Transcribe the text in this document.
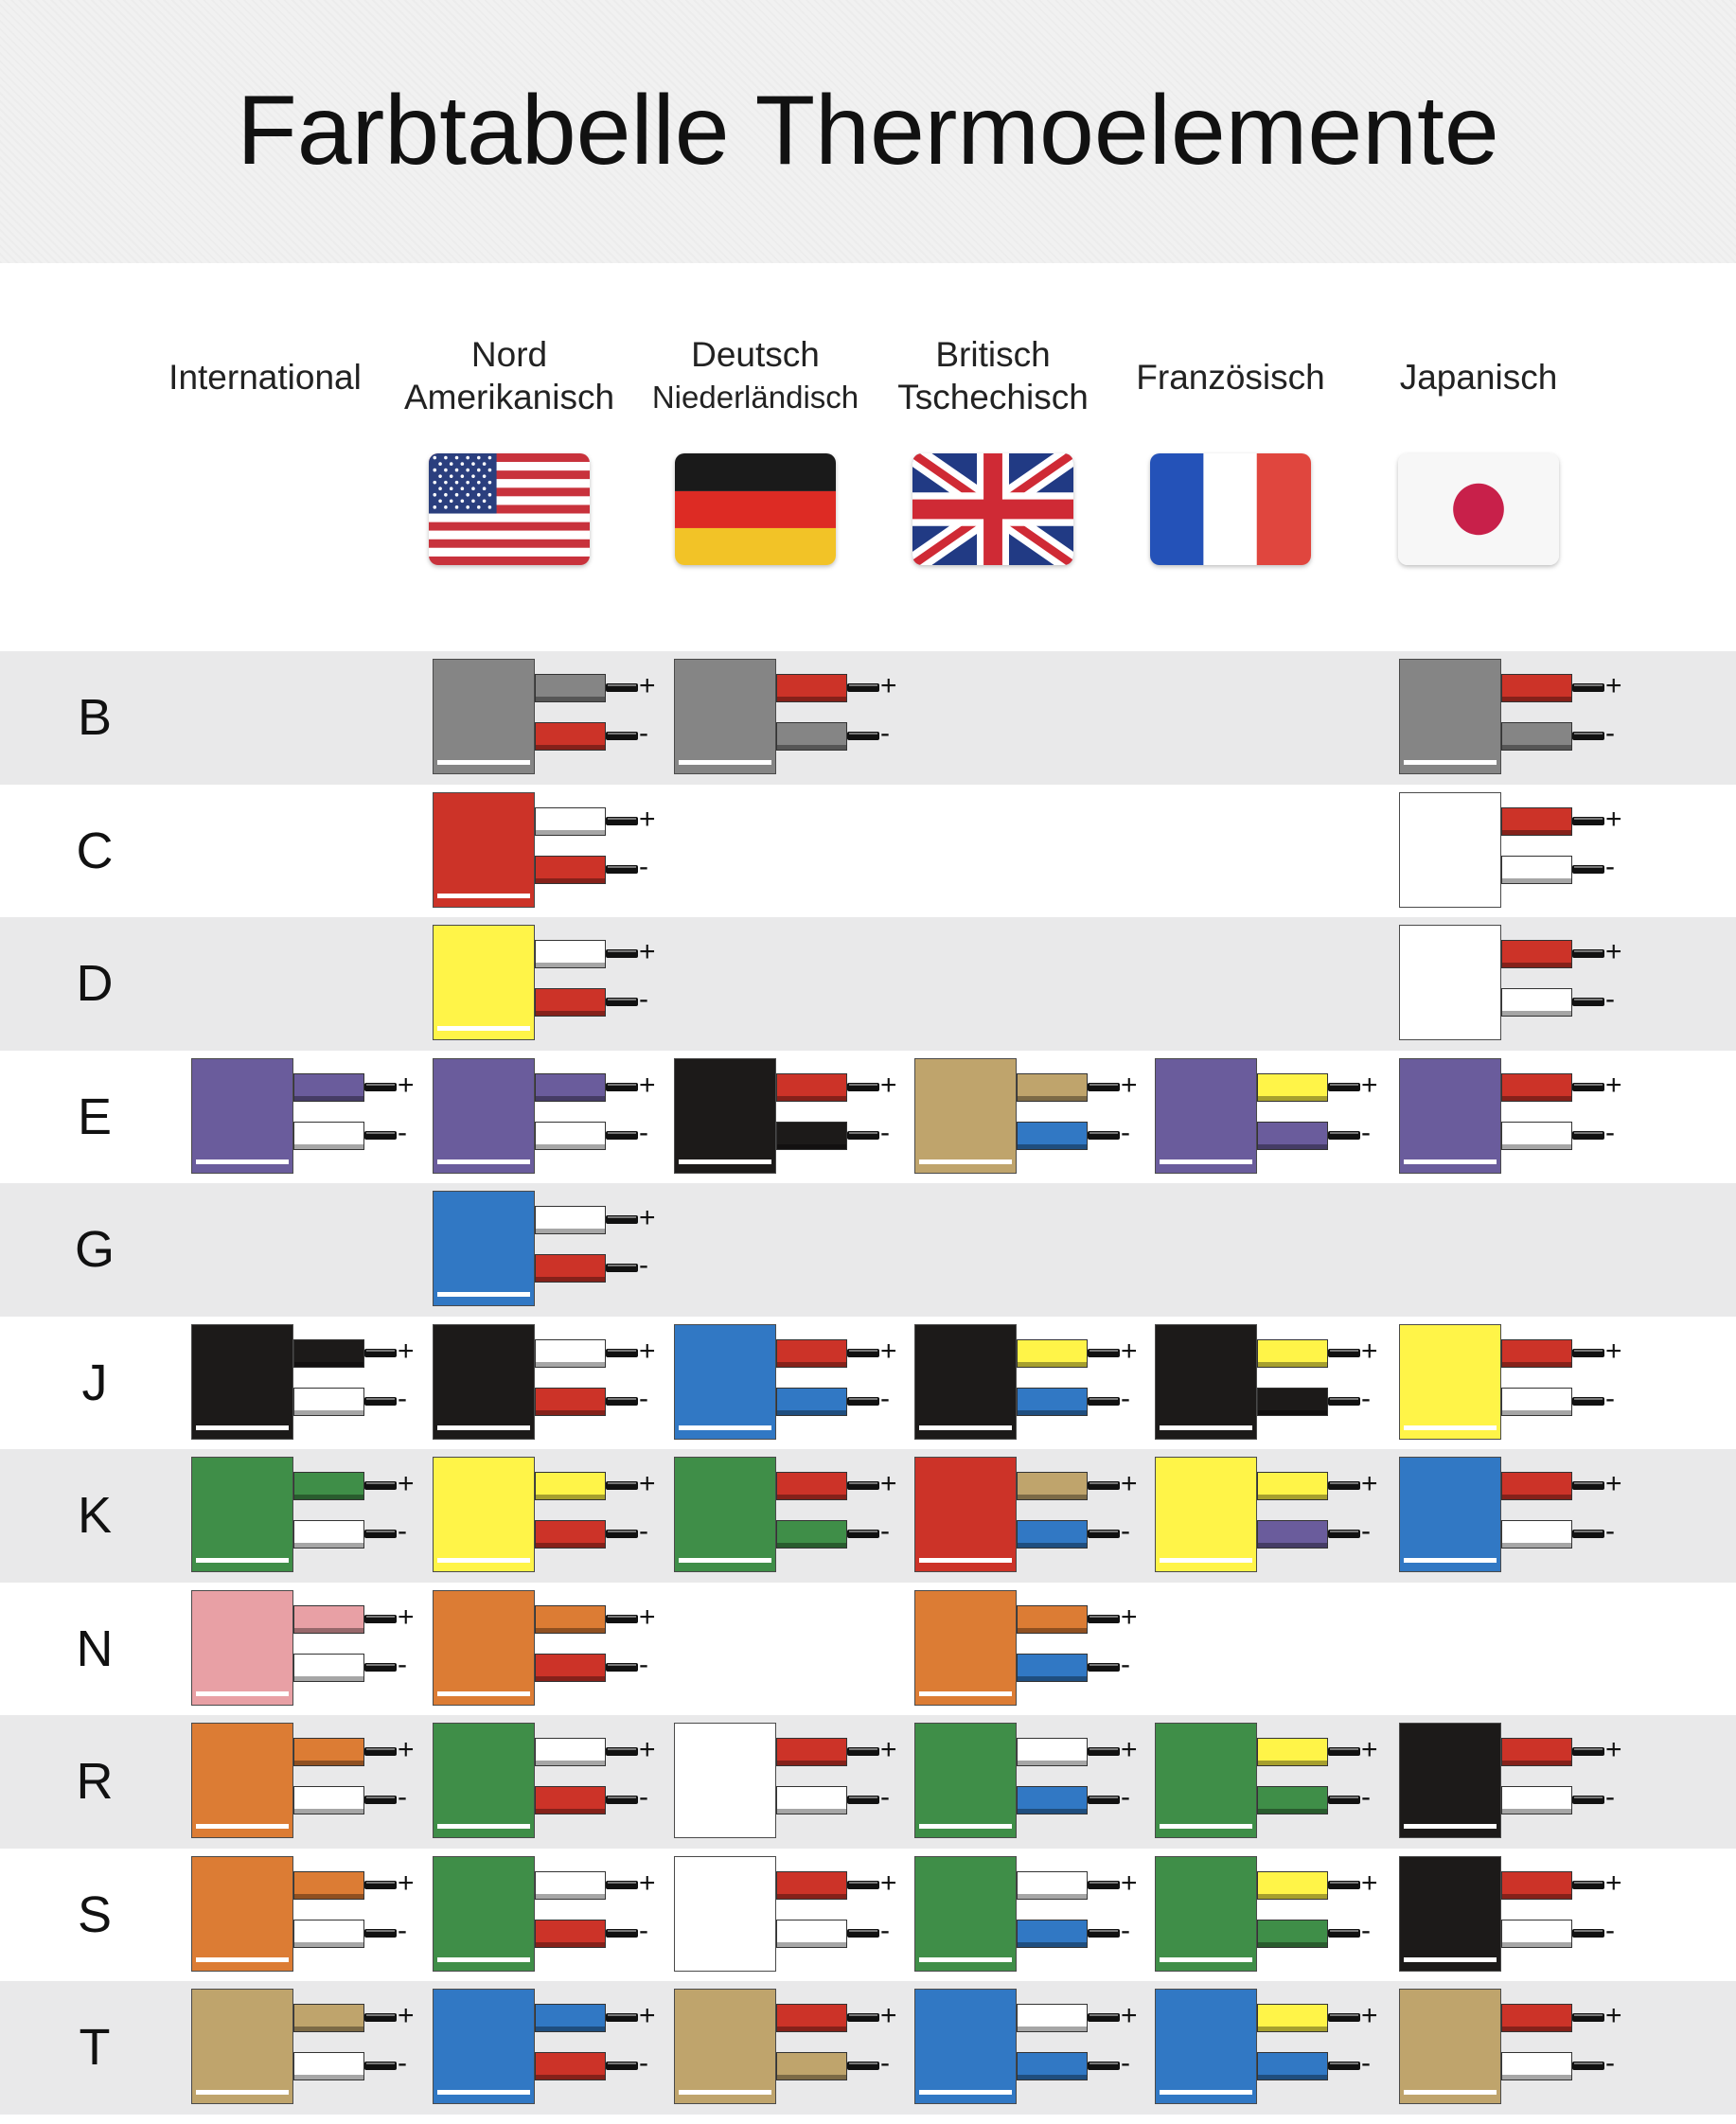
Farbtabelle Thermoelemente
International
Nord
Amerikanisch
Deutsch
Niederländisch
Britisch
Tschechisch
Französisch	Japanisch
B
+
-
+
-
+
-
C
+
-
+
-
D
+
-
+
-
E
+
-
+
-
+
-
+
-
+
-
+
-
G
+
-
J
+
-
+
-
+
-
+
-
+
-
+
-
K
+
-
+
-
+
-
+
-
+
-
+
-
N
+
-
+
-
+
-
R
+
-
+
-
+
-
+
-
+
-
+
-
S
+
-
+
-
+
-
+
-
+
-
+
-
T
+
-
+
-
+
-
+
-
+
-
+
-
